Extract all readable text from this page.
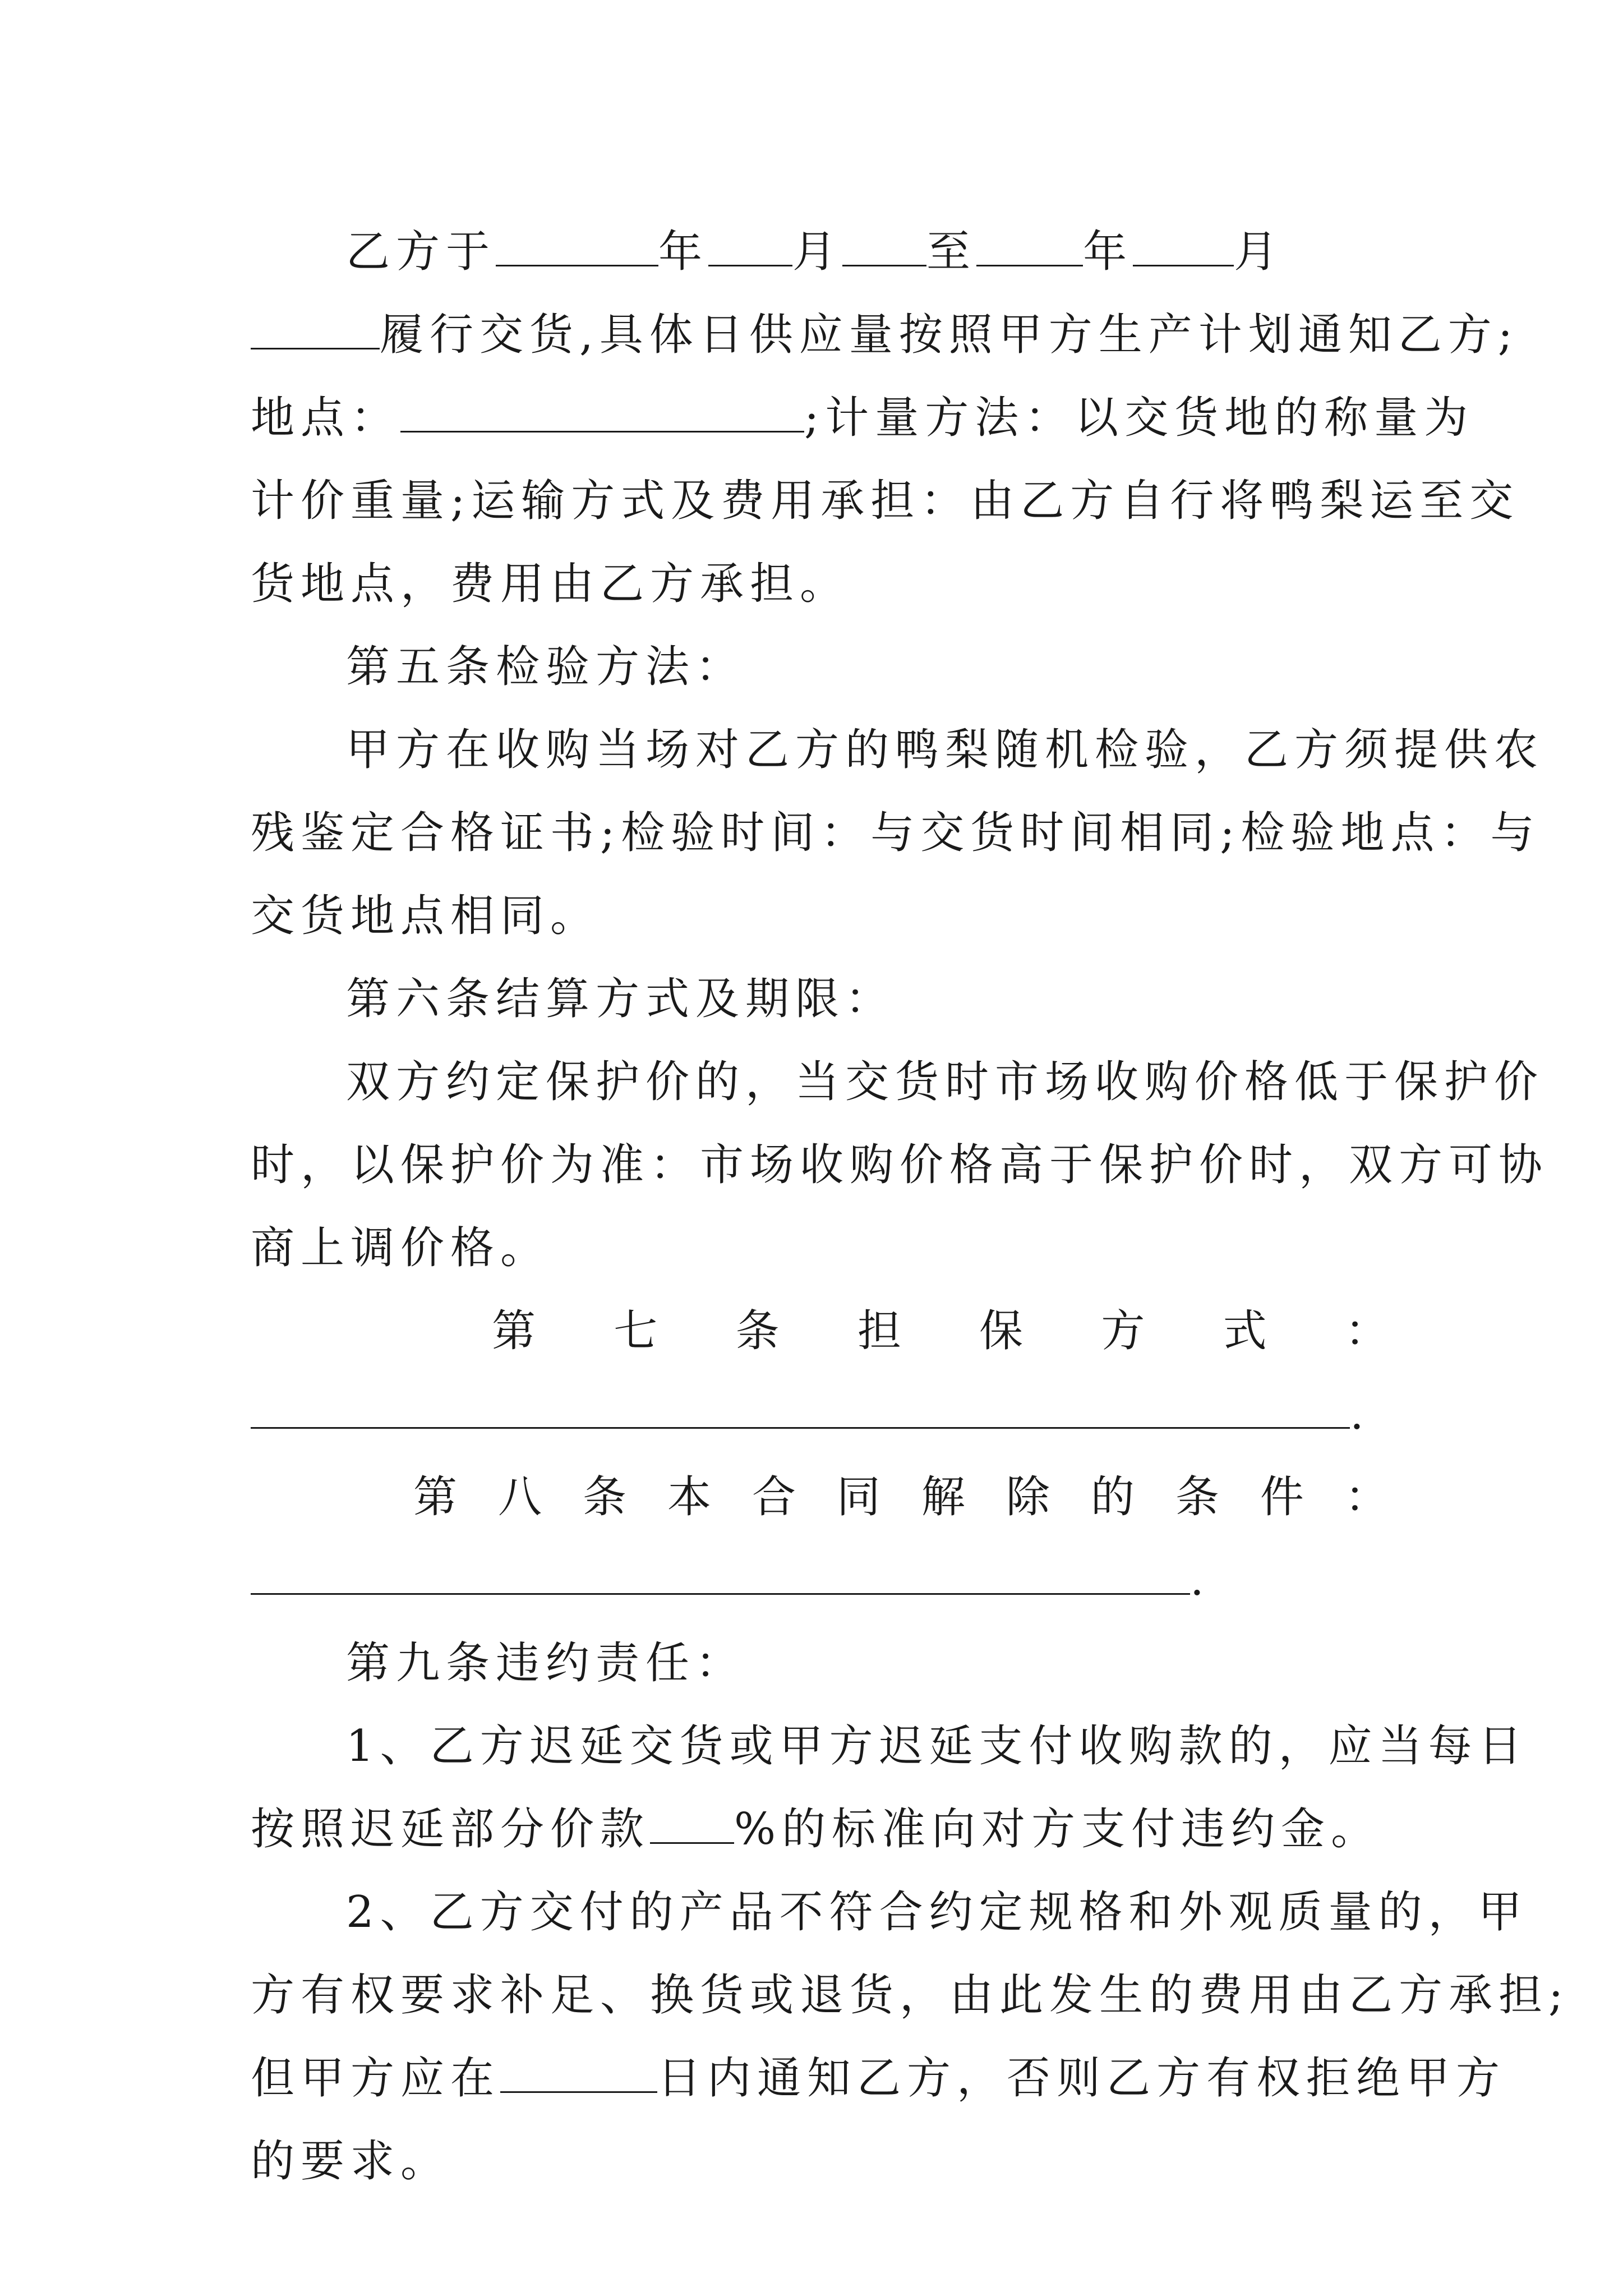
乙方于	年 月 至 年 月
履行交货,具体日供应量按照甲方生产计划通知乙方;
地点：	;计量方法：以交货地的称量为
计价重量;运输方式及费用承担：由乙方自行将鸭梨运至交
货地点，费用由乙方承担。
第五条检验方法：
甲方在收购当场对乙方的鸭梨随机检验，乙方须提供农
残鉴定合格证书;检验时间：与交货时间相同;检验地点：与
交货地点相同。
第六条结算方式及期限：
双方约定保护价的，当交货时市场收购价格低于保护价
时，以保护价为准：市场收购价格高于保护价时，双方可协
商上调价格。
第 七 条 担 保 方 式 ：
.
第 八 条 本 合 同 解 除 的 条 件 ：
.
第九条违约责任：
1、乙方迟延交货或甲方迟延支付收购款的，应当每日
按照迟延部分价款 %的标准向对方支付违约金。
2、乙方交付的产品不符合约定规格和外观质量的，甲
方有权要求补足、换货或退货，由此发生的费用由乙方承担;
但甲方应在	日内通知乙方，否则乙方有权拒绝甲方
的要求。
